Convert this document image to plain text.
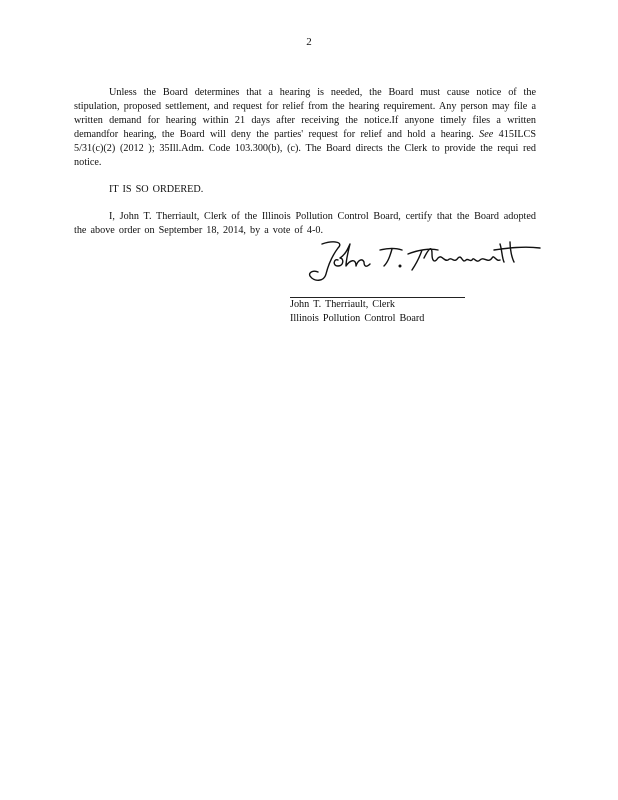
2

Unless the Board determines that a hearing is needed, the Board must cause notice of the stipulation, proposed settlement, and request for relief from the hearing requirement. Any person may file a written demand for hearing within 21 days after receiving the notice.If anyone timely files a written demandfor hearing, the Board will deny the parties' request for relief and hold a hearing. See 415ILCS 5/31(c)(2) (2012 ); 35Ill.Adm. Code 103.300(b), (c). The Board directs the Clerk to provide the requi red notice.

IT IS SO ORDERED.

I, John T. Therriault, Clerk of the Illinois Pollution Control Board, certify that the Board adopted the above order on September 18, 2014, by a vote of 4-0.

John T. Therriault, Clerk
Illinois Pollution Control Board
